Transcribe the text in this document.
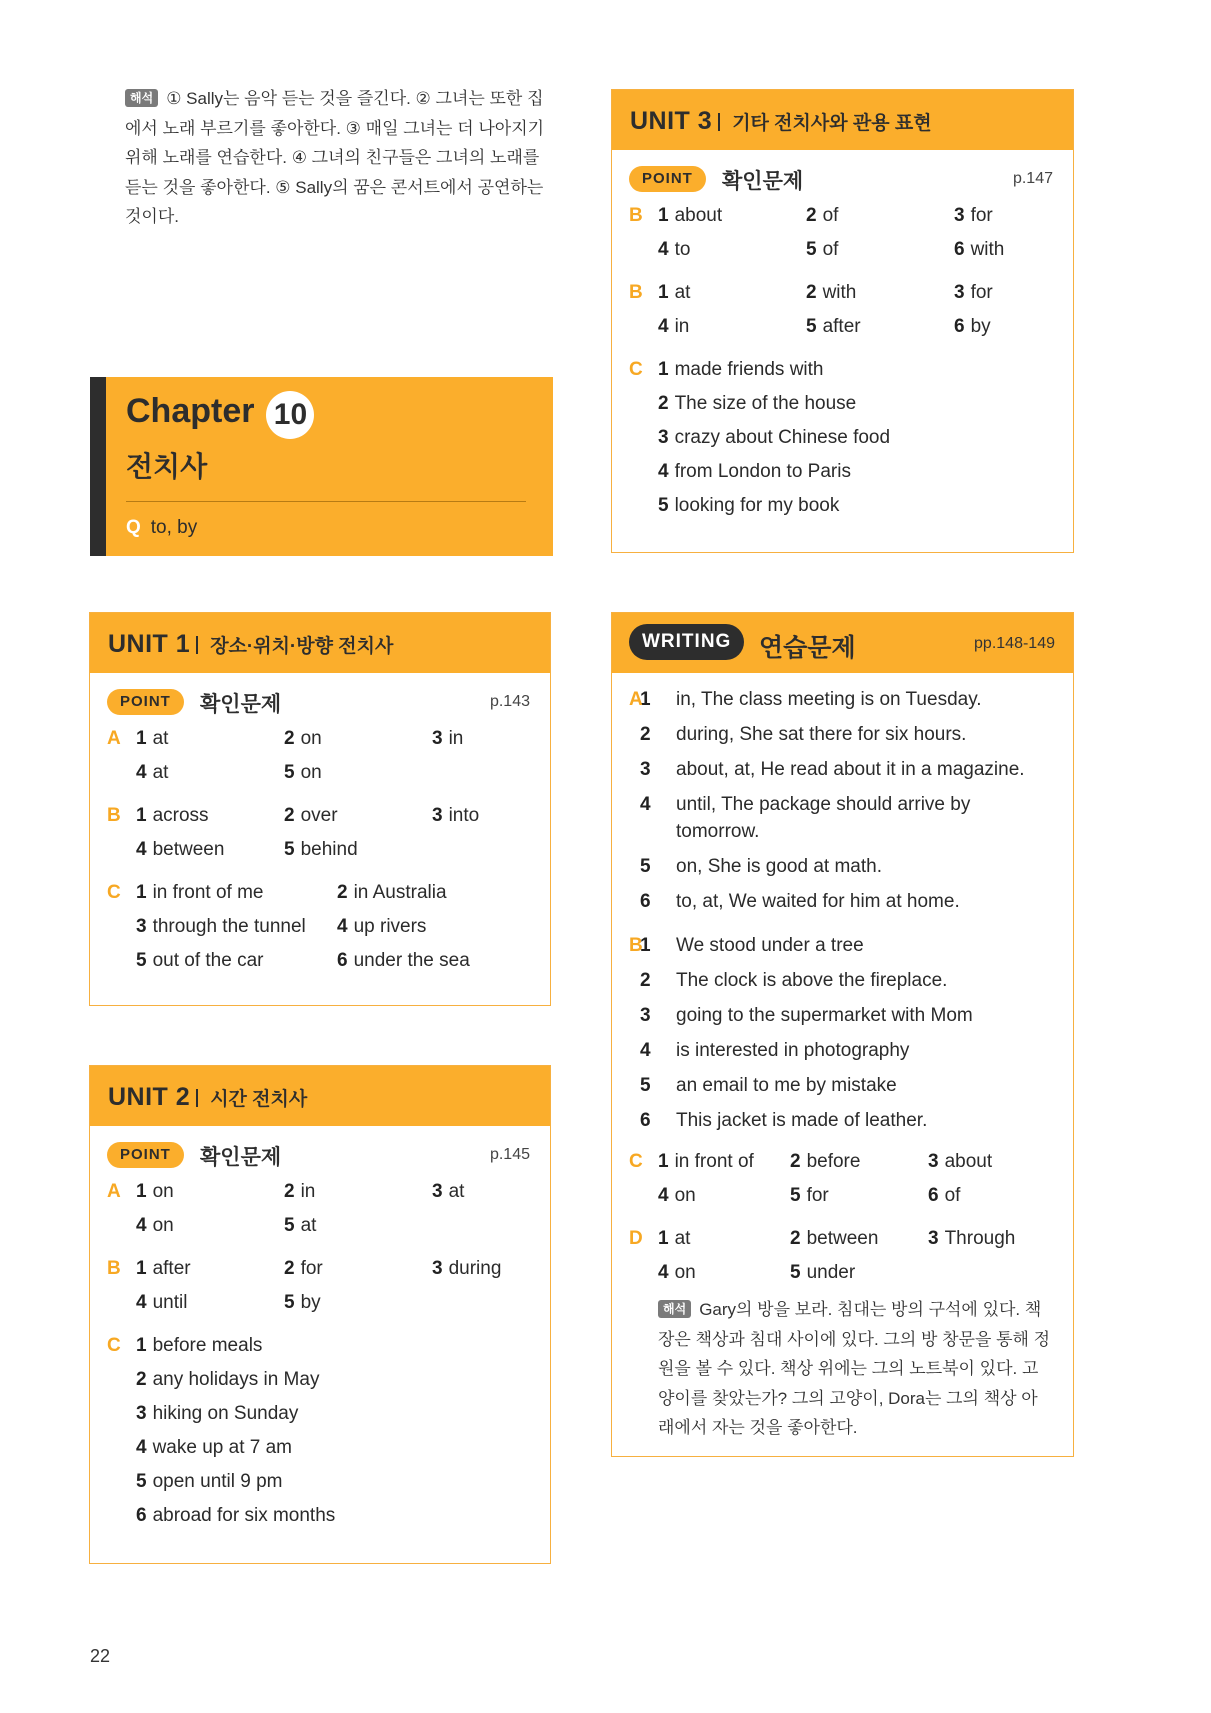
해석 ① Sally는 음악 듣는 것을 즐긴다. ② 그녀는 또한 집에서 노래 부르기를 좋아한다. ③ 매일 그녀는 더 나아지기 위해 노래를 연습한다. ④ 그녀의 친구들은 그녀의 노래를 듣는 것을 좋아한다. ⑤ Sally의 꿈은 콘서트에서 공연하는 것이다.
Chapter 10
전치사
Q to, by
UNIT 1 장소·위치·방향 전치사
POINT	확인문제	p.143
A 1 at	2 on	3 in
4 at	5 on
B 1 across	2 over	3 into
4 between	5 behind
C 1 in front of me	2 in Australia
3 through the tunnel 4 up rivers
5 out of the car	6 under the sea
UNIT 2 시간 전치사
POINT	확인문제	p.145
A 1 on	2 in	3 at
4 on	5 at
B 1 after	2 for	3 during
4 until	5 by
C 1 before meals
2 any holidays in May
3 hiking on Sunday
4 wake up at 7 am
5 open until 9 pm
6 abroad for six months
UNIT 3 기타 전치사와 관용 표현
POINT	확인문제	p.147
B 1 about	2 of	3 for
4 to	5 of	6 with
B 1 at	2 with	3 for
4 in	5 after	6 by
C 1 made friends with
2 The size of the house
3 crazy about Chinese food
4 from London to Paris
5 looking for my book
WRITING	연습문제	pp.148-149
A
1 in, The class meeting is on Tuesday.
2 during, She sat there for six hours.
3 about, at, He read about it in a magazine.
4 until, The package should arrive by tomorrow.
5 on, She is good at math.
6 to, at, We waited for him at home.
B
1 We stood under a tree
2 The clock is above the fireplace.
3 going to the supermarket with Mom
4 is interested in photography
5 an email to me by mistake
6 This jacket is made of leather.
C 1 in front of 2 before	3 about
4 on	5 for	6 of
D 1 at	2 between	3 Through
4 on	5 under
해석 Gary의 방을 보라. 침대는 방의 구석에 있다. 책장은 책상과 침대 사이에 있다. 그의 방 창문을 통해 정원을 볼 수 있다. 책상 위에는 그의 노트북이 있다. 고양이를 찾았는가? 그의 고양이, Dora는 그의 책상 아래에서 자는 것을 좋아한다.
22
